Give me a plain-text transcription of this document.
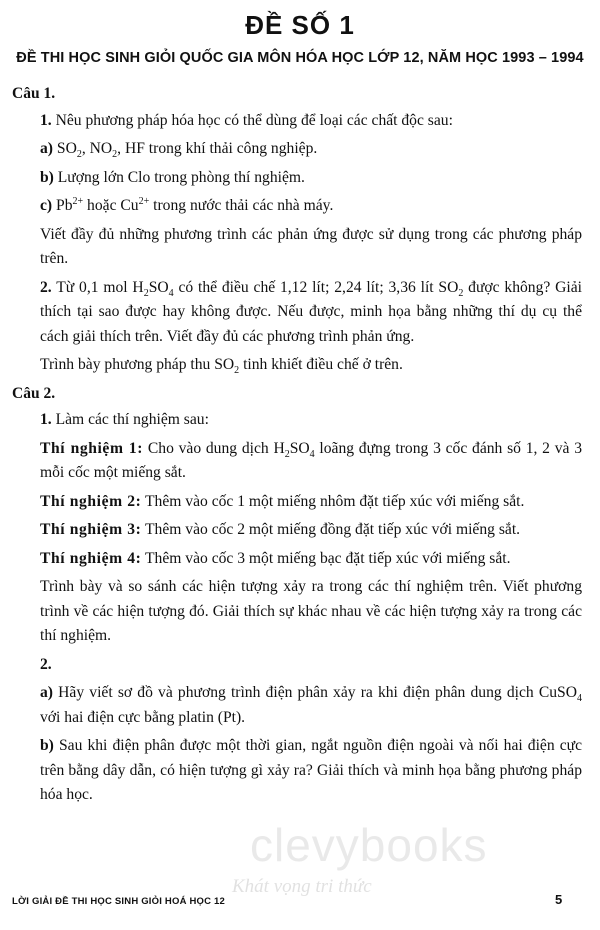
ĐỀ SỐ 1
ĐỀ THI HỌC SINH GIỎI QUỐC GIA MÔN HÓA HỌC LỚP 12, NĂM HỌC 1993 – 1994

Câu 1.

1. Nêu phương pháp hóa học có thể dùng để loại các chất độc sau:

a) $SO_2$, $NO_2$, HF trong khí thải công nghiệp.

b) Lượng lớn Clo trong phòng thí nghiệm.

c) $Pb^{2+}$ hoặc $Cu^{2+}$ trong nước thải các nhà máy.

Viết đầy đủ những phương trình các phản ứng được sử dụng trong các phương pháp trên.

2. Từ 0,1 mol $H_2SO_4$ có thể điều chế 1,12 lít; 2,24 lít; 3,36 lít $SO_2$ được không? Giải thích tại sao được hay không được. Nếu được, minh họa bằng những thí dụ cụ thể cách giải thích trên. Viết đầy đủ các phương trình phản ứng.

Trình bày phương pháp thu $SO_2$ tinh khiết điều chế ở trên.

Câu 2.

1. Làm các thí nghiệm sau:

Thí nghiệm 1: Cho vào dung dịch $H_2SO_4$ loãng đựng trong 3 cốc đánh số 1, 2 và 3 mỗi cốc một miếng sắt.

Thí nghiệm 2: Thêm vào cốc 1 một miếng nhôm đặt tiếp xúc với miếng sắt.

Thí nghiệm 3: Thêm vào cốc 2 một miếng đồng đặt tiếp xúc với miếng sắt.

Thí nghiệm 4: Thêm vào cốc 3 một miếng bạc đặt tiếp xúc với miếng sắt.

Trình bày và so sánh các hiện tượng xảy ra trong các thí nghiệm trên. Viết phương trình về các hiện tượng đó. Giải thích sự khác nhau về các hiện tượng xảy ra trong các thí nghiệm.

2.

a) Hãy viết sơ đồ và phương trình điện phân xảy ra khi điện phân dung dịch CuSO$_4$ với hai điện cực bằng platin (Pt).

b) Sau khi điện phân được một thời gian, ngắt nguồn điện ngoài và nối hai điện cực trên bằng dây dẫn, có hiện tượng gì xảy ra? Giải thích và minh họa bằng phương pháp hóa học.

clevybooks
Khát vọng tri thức
LỜI GIẢI ĐỀ THI HỌC SINH GIỎI HOÁ HỌC 12	5
